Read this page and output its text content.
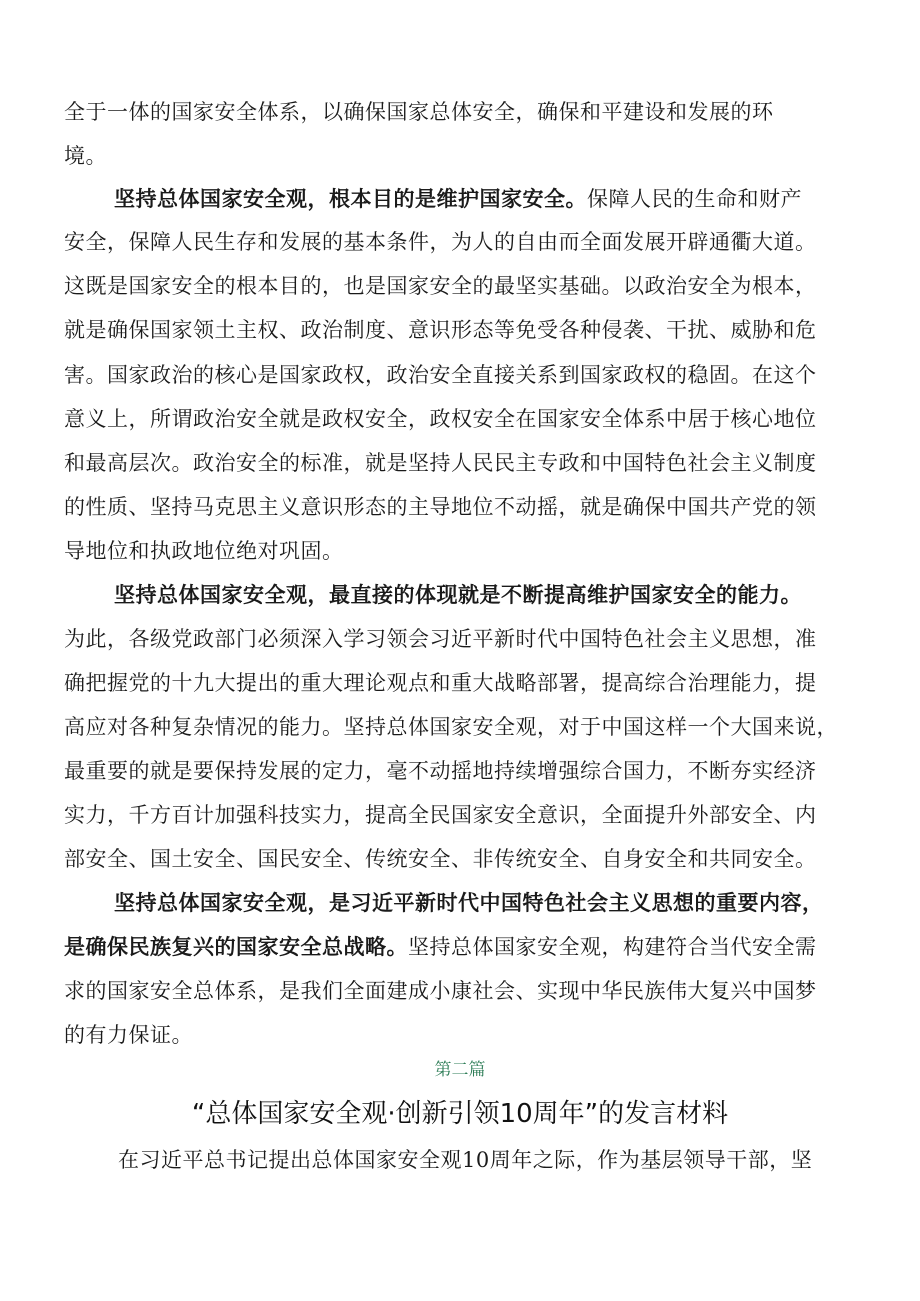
全于一体的国家安全体系，以确保国家总体安全，确保和平建设和发展的环
境。
坚持总体国家安全观，根本目的是维护国家安全。保障人民的生命和财产
安全，保障人民生存和发展的基本条件，为人的自由而全面发展开辟通衢大道。
这既是国家安全的根本目的，也是国家安全的最坚实基础。以政治安全为根本，
就是确保国家领土主权、政治制度、意识形态等免受各种侵袭、干扰、威胁和危
害。国家政治的核心是国家政权，政治安全直接关系到国家政权的稳固。在这个
意义上，所谓政治安全就是政权安全，政权安全在国家安全体系中居于核心地位
和最高层次。政治安全的标准，就是坚持人民民主专政和中国特色社会主义制度
的性质、坚持马克思主义意识形态的主导地位不动摇，就是确保中国共产党的领
导地位和执政地位绝对巩固。
坚持总体国家安全观，最直接的体现就是不断提高维护国家安全的能力。
为此，各级党政部门必须深入学习领会习近平新时代中国特色社会主义思想，准
确把握党的十九大提出的重大理论观点和重大战略部署，提高综合治理能力，提
高应对各种复杂情况的能力。坚持总体国家安全观，对于中国这样一个大国来说，
最重要的就是要保持发展的定力，毫不动摇地持续增强综合国力，不断夯实经济
实力，千方百计加强科技实力，提高全民国家安全意识，全面提升外部安全、内
部安全、国土安全、国民安全、传统安全、非传统安全、自身安全和共同安全。
坚持总体国家安全观，是习近平新时代中国特色社会主义思想的重要内容，
是确保民族复兴的国家安全总战略。坚持总体国家安全观，构建符合当代安全需
求的国家安全总体系，是我们全面建成小康社会、实现中华民族伟大复兴中国梦
的有力保证。
第二篇
“总体国家安全观·创新引领10周年”的发言材料
在习近平总书记提出总体国家安全观10周年之际，作为基层领导干部，坚
